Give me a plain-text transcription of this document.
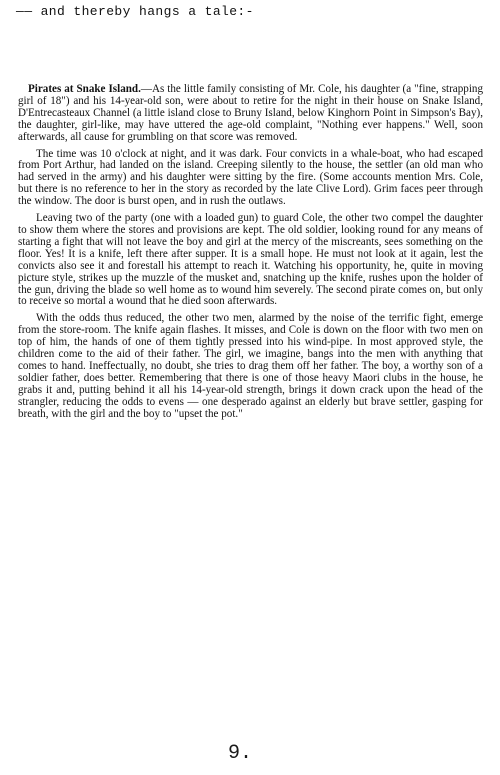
—— and thereby hangs a tale:-

Pirates at Snake Island.—As the little family consisting of Mr. Cole, his daughter (a "fine, strapping girl of 18") and his 14-year-old son, were about to retire for the night in their house on Snake Island, D'Entrecasteaux Channel (a little island close to Bruny Island, below Kinghorn Point in Simpson's Bay), the daughter, girl-like, may have uttered the age-old complaint, "Nothing ever happens." Well, soon afterwards, all cause for grumbling on that score was removed.

The time was 10 o'clock at night, and it was dark. Four convicts in a whale-boat, who had escaped from Port Arthur, had landed on the island. Creeping silently to the house, the settler (an old man who had served in the army) and his daughter were sitting by the fire. (Some accounts mention Mrs. Cole, but there is no reference to her in the story as recorded by the late Clive Lord). Grim faces peer through the window. The door is burst open, and in rush the outlaws.

Leaving two of the party (one with a loaded gun) to guard Cole, the other two compel the daughter to show them where the stores and provisions are kept. The old soldier, looking round for any means of starting a fight that will not leave the boy and girl at the mercy of the miscreants, sees something on the floor. Yes! It is a knife, left there after supper. It is a small hope. He must not look at it again, lest the convicts also see it and forestall his attempt to reach it. Watching his opportunity, he, quite in moving picture style, strikes up the muzzle of the musket and, snatching up the knife, rushes upon the holder of the gun, driving the blade so well home as to wound him severely. The second pirate comes on, but only to receive so mortal a wound that he died soon afterwards.

With the odds thus reduced, the other two men, alarmed by the noise of the terrific fight, emerge from the store-room. The knife again flashes. It misses, and Cole is down on the floor with two men on top of him, the hands of one of them tightly pressed into his wind-pipe. In most approved style, the children come to the aid of their father. The girl, we imagine, bangs into the men with anything that comes to hand. Ineffectually, no doubt, she tries to drag them off her father. The boy, a worthy son of a soldier father, does better. Remembering that there is one of those heavy Maori clubs in the house, he grabs it and, putting behind it all his 14-year-old strength, brings it down crack upon the head of the strangler, reducing the odds to evens — one desperado against an elderly but brave settler, gasping for breath, with the girl and the boy to "upset the pot."

9.
